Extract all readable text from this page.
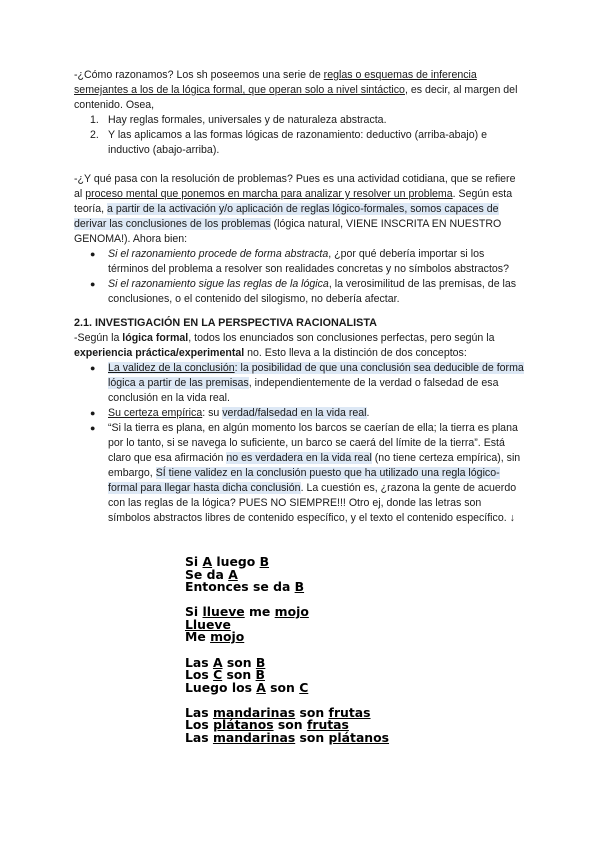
-¿Cómo razonamos? Los sh poseemos una serie de reglas o esquemas de inferencia semejantes a los de la lógica formal, que operan solo a nivel sintáctico, es decir, al margen del contenido. Osea,

1. Hay reglas formales, universales y de naturaleza abstracta.
2. Y las aplicamos a las formas lógicas de razonamiento: deductivo (arriba-abajo) e inductivo (abajo-arriba).

-¿Y qué pasa con la resolución de problemas? Pues es una actividad cotidiana, que se refiere al proceso mental que ponemos en marcha para analizar y resolver un problema. Según esta teoría, a partir de la activación y/o aplicación de reglas lógico-formales, somos capaces de derivar las conclusiones de los problemas (lógica natural, VIENE INSCRITA EN NUESTRO GENOMA!). Ahora bien:

● Si el razonamiento procede de forma abstracta, ¿por qué debería importar si los términos del problema a resolver son realidades concretas y no símbolos abstractos?
● Si el razonamiento sigue las reglas de la lógica, la verosimilitud de las premisas, de las conclusiones, o el contenido del silogismo, no debería afectar.
2.1. INVESTIGACIÓN EN LA PERSPECTIVA RACIONALISTA

-Según la lógica formal, todos los enunciados son conclusiones perfectas, pero según la experiencia práctica/experimental no. Esto lleva a la distinción de dos conceptos:

● La validez de la conclusión: la posibilidad de que una conclusión sea deducible de forma lógica a partir de las premisas, independientemente de la verdad o falsedad de esa conclusión en la vida real.
● Su certeza empírica: su verdad/falsedad en la vida real.
● “Si la tierra es plana, en algún momento los barcos se caerían de ella; la tierra es plana por lo tanto, si se navega lo suficiente, un barco se caerá del límite de la tierra”. Está claro que esa afirmación no es verdadera en la vida real (no tiene certeza empírica), sin embargo, SÍ tiene validez en la conclusión puesto que ha utilizado una regla lógico-formal para llegar hasta dicha conclusión. La cuestión es, ¿razona la gente de acuerdo con las reglas de la lógica? PUES NO SIEMPRE!!! Otro ej, donde las letras son símbolos abstractos libres de contenido específico, y el texto el contenido específico. ↓
Si A luego B
Se da A
Entonces se da B
Si llueve me mojo
Llueve
Me mojo
Las A son B
Los C son B
Luego los A son C
Las mandarinas son frutas
Los plátanos son frutas
Las mandarinas son plátanos
